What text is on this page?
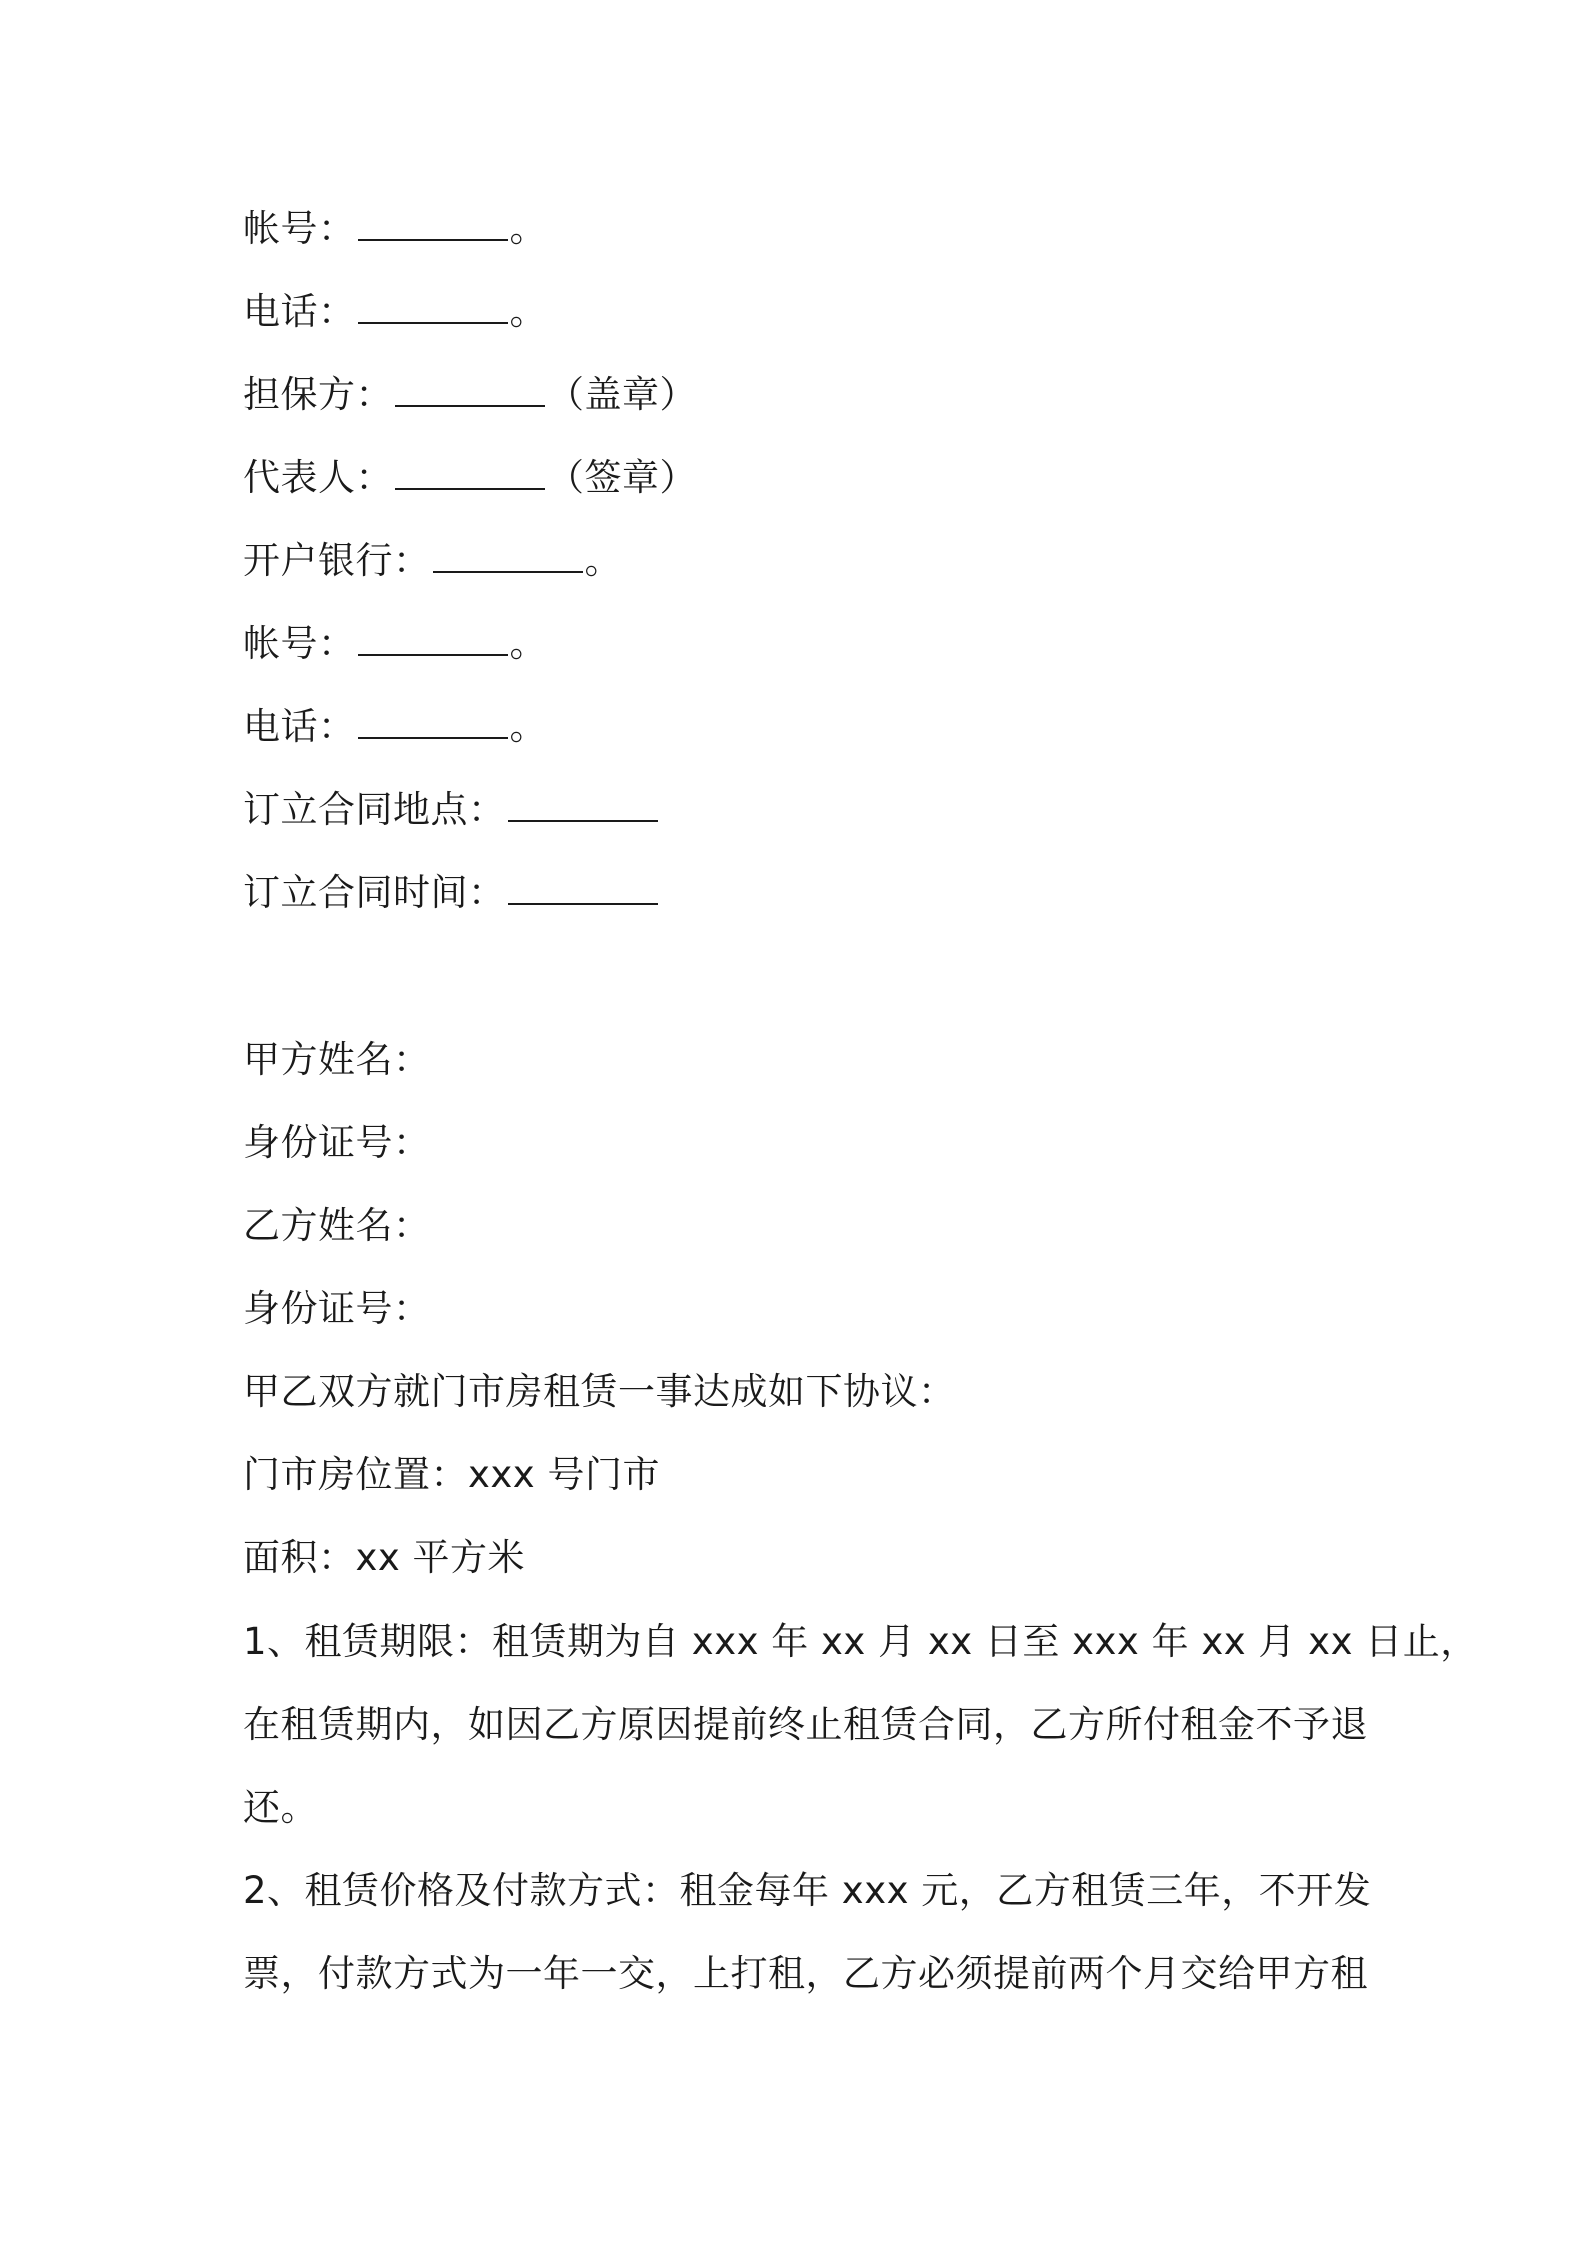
帐号：	。
电话：	。
担保方：	（盖章）
代表人：	（签章）
开户银行：	。
帐号：	。
电话：	。
订立合同地点：
订立合同时间：
甲方姓名：
身份证号：
乙方姓名：
身份证号：
甲乙双方就门市房租赁一事达成如下协议：
门市房位置：xxx 号门市
面积：xx 平方米
1、租赁期限：租赁期为自 xxx 年 xx 月 xx 日至 xxx 年 xx 月 xx 日止，
在租赁期内，如因乙方原因提前终止租赁合同，乙方所付租金不予退
还。
2、租赁价格及付款方式：租金每年 xxx 元，乙方租赁三年，不开发
票，付款方式为一年一交，上打租，乙方必须提前两个月交给甲方租
